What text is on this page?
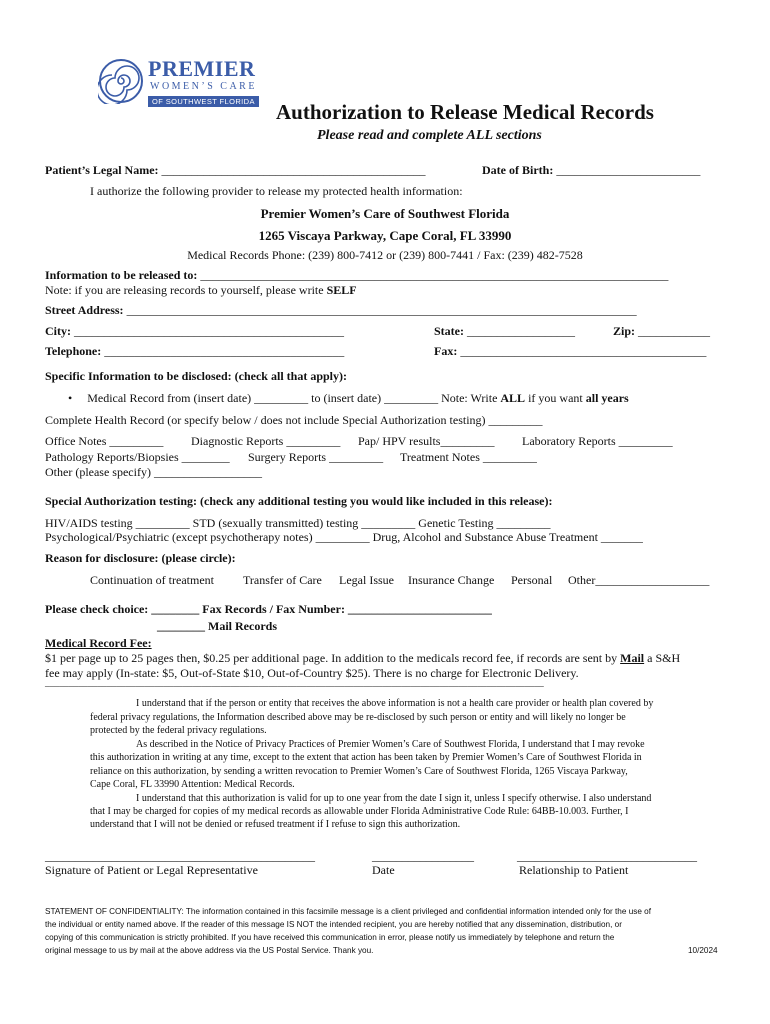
PREMIER
WOMEN’S CARE
OF SOUTHWEST FLORIDA Authorization to Release Medical Records
Please read and complete ALL sections
Patient’s Legal Name: ____________________________________________	Date of Birth: ________________________
I authorize the following provider to release my protected health information:
Premier Women’s Care of Southwest Florida
1265 Viscaya Parkway, Cape Coral, FL 33990
Medical Records Phone: (239) 800-7412 or (239) 800-7441 / Fax: (239) 482-7528
Information to be released to: ______________________________________________________________________________
Note: if you are releasing records to yourself, please write SELF
Street Address: _____________________________________________________________________________________
City: _____________________________________________	State: __________________	Zip: ____________
Telephone: ________________________________________	Fax: _________________________________________
Specific Information to be disclosed: (check all that apply):
• Medical Record from (insert date) _________ to (insert date) _________ Note: Write ALL if you want all years
Complete Health Record (or specify below / does not include Special Authorization testing) _________
Office Notes _________ Diagnostic Reports _________ Pap/ HPV results_________ Laboratory Reports _________
Pathology Reports/Biopsies ________ Surgery Reports _________ Treatment Notes _________
Other (please specify) __________________
Special Authorization testing: (check any additional testing you would like included in this release):
HIV/AIDS testing _________ STD (sexually transmitted) testing _________ Genetic Testing _________
Psychological/Psychiatric (except psychotherapy notes) _________ Drug, Alcohol and Substance Abuse Treatment _______
Reason for disclosure: (please circle):
Continuation of treatment Transfer of Care Legal Issue Insurance Change Personal Other___________________
Please check choice: ________ Fax Records / Fax Number: ________________________
________ Mail Records
Medical Record Fee:
$1 per page up to 25 pages then, $0.25 per additional page. In addition to the medicals record fee, if records are sent by Mail a S&H
fee may apply (In-state: $5, Out-of-State $10, Out-of-Country $25). There is no charge for Electronic Delivery.
_________________________________________________________________________________________________________
I understand that if the person or entity that receives the above information is not a health care provider or health plan covered by
federal privacy regulations, the Information described above may be re-disclosed by such person or entity and will likely no longer be
protected by the federal privacy regulations.
As described in the Notice of Privacy Practices of Premier Women’s Care of Southwest Florida, I understand that I may revoke
this authorization in writing at any time, except to the extent that action has been taken by Premier Women’s Care of Southwest Florida in
reliance on this authorization, by sending a written revocation to Premier Women’s Care of Southwest Florida, 1265 Viscaya Parkway,
Cape Coral, FL 33990 Attention: Medical Records.
I understand that this authorization is valid for up to one year from the date I sign it, unless I specify otherwise. I also understand
that I may be charged for copies of my medical records as allowable under Florida Administrative Code Rule: 64BB-10.003. Further, I
understand that I will not be denied or refused treatment if I refuse to sign this authorization.
_____________________________________________
Signature of Patient or Legal Representative
_________________
Date
______________________________
Relationship to Patient
STATEMENT OF CONFIDENTIALITY: The information contained in this facsimile message is a client privileged and confidential information intended only for the use of
the individual or entity named above. If the reader of this message IS NOT the intended recipient, you are hereby notified that any dissemination, distribution, or
copying of this communication is strictly prohibited. If you have received this communication in error, please notify us immediately by telephone and return the
original message to us by mail at the above address via the US Postal Service. Thank you.	10/2024
